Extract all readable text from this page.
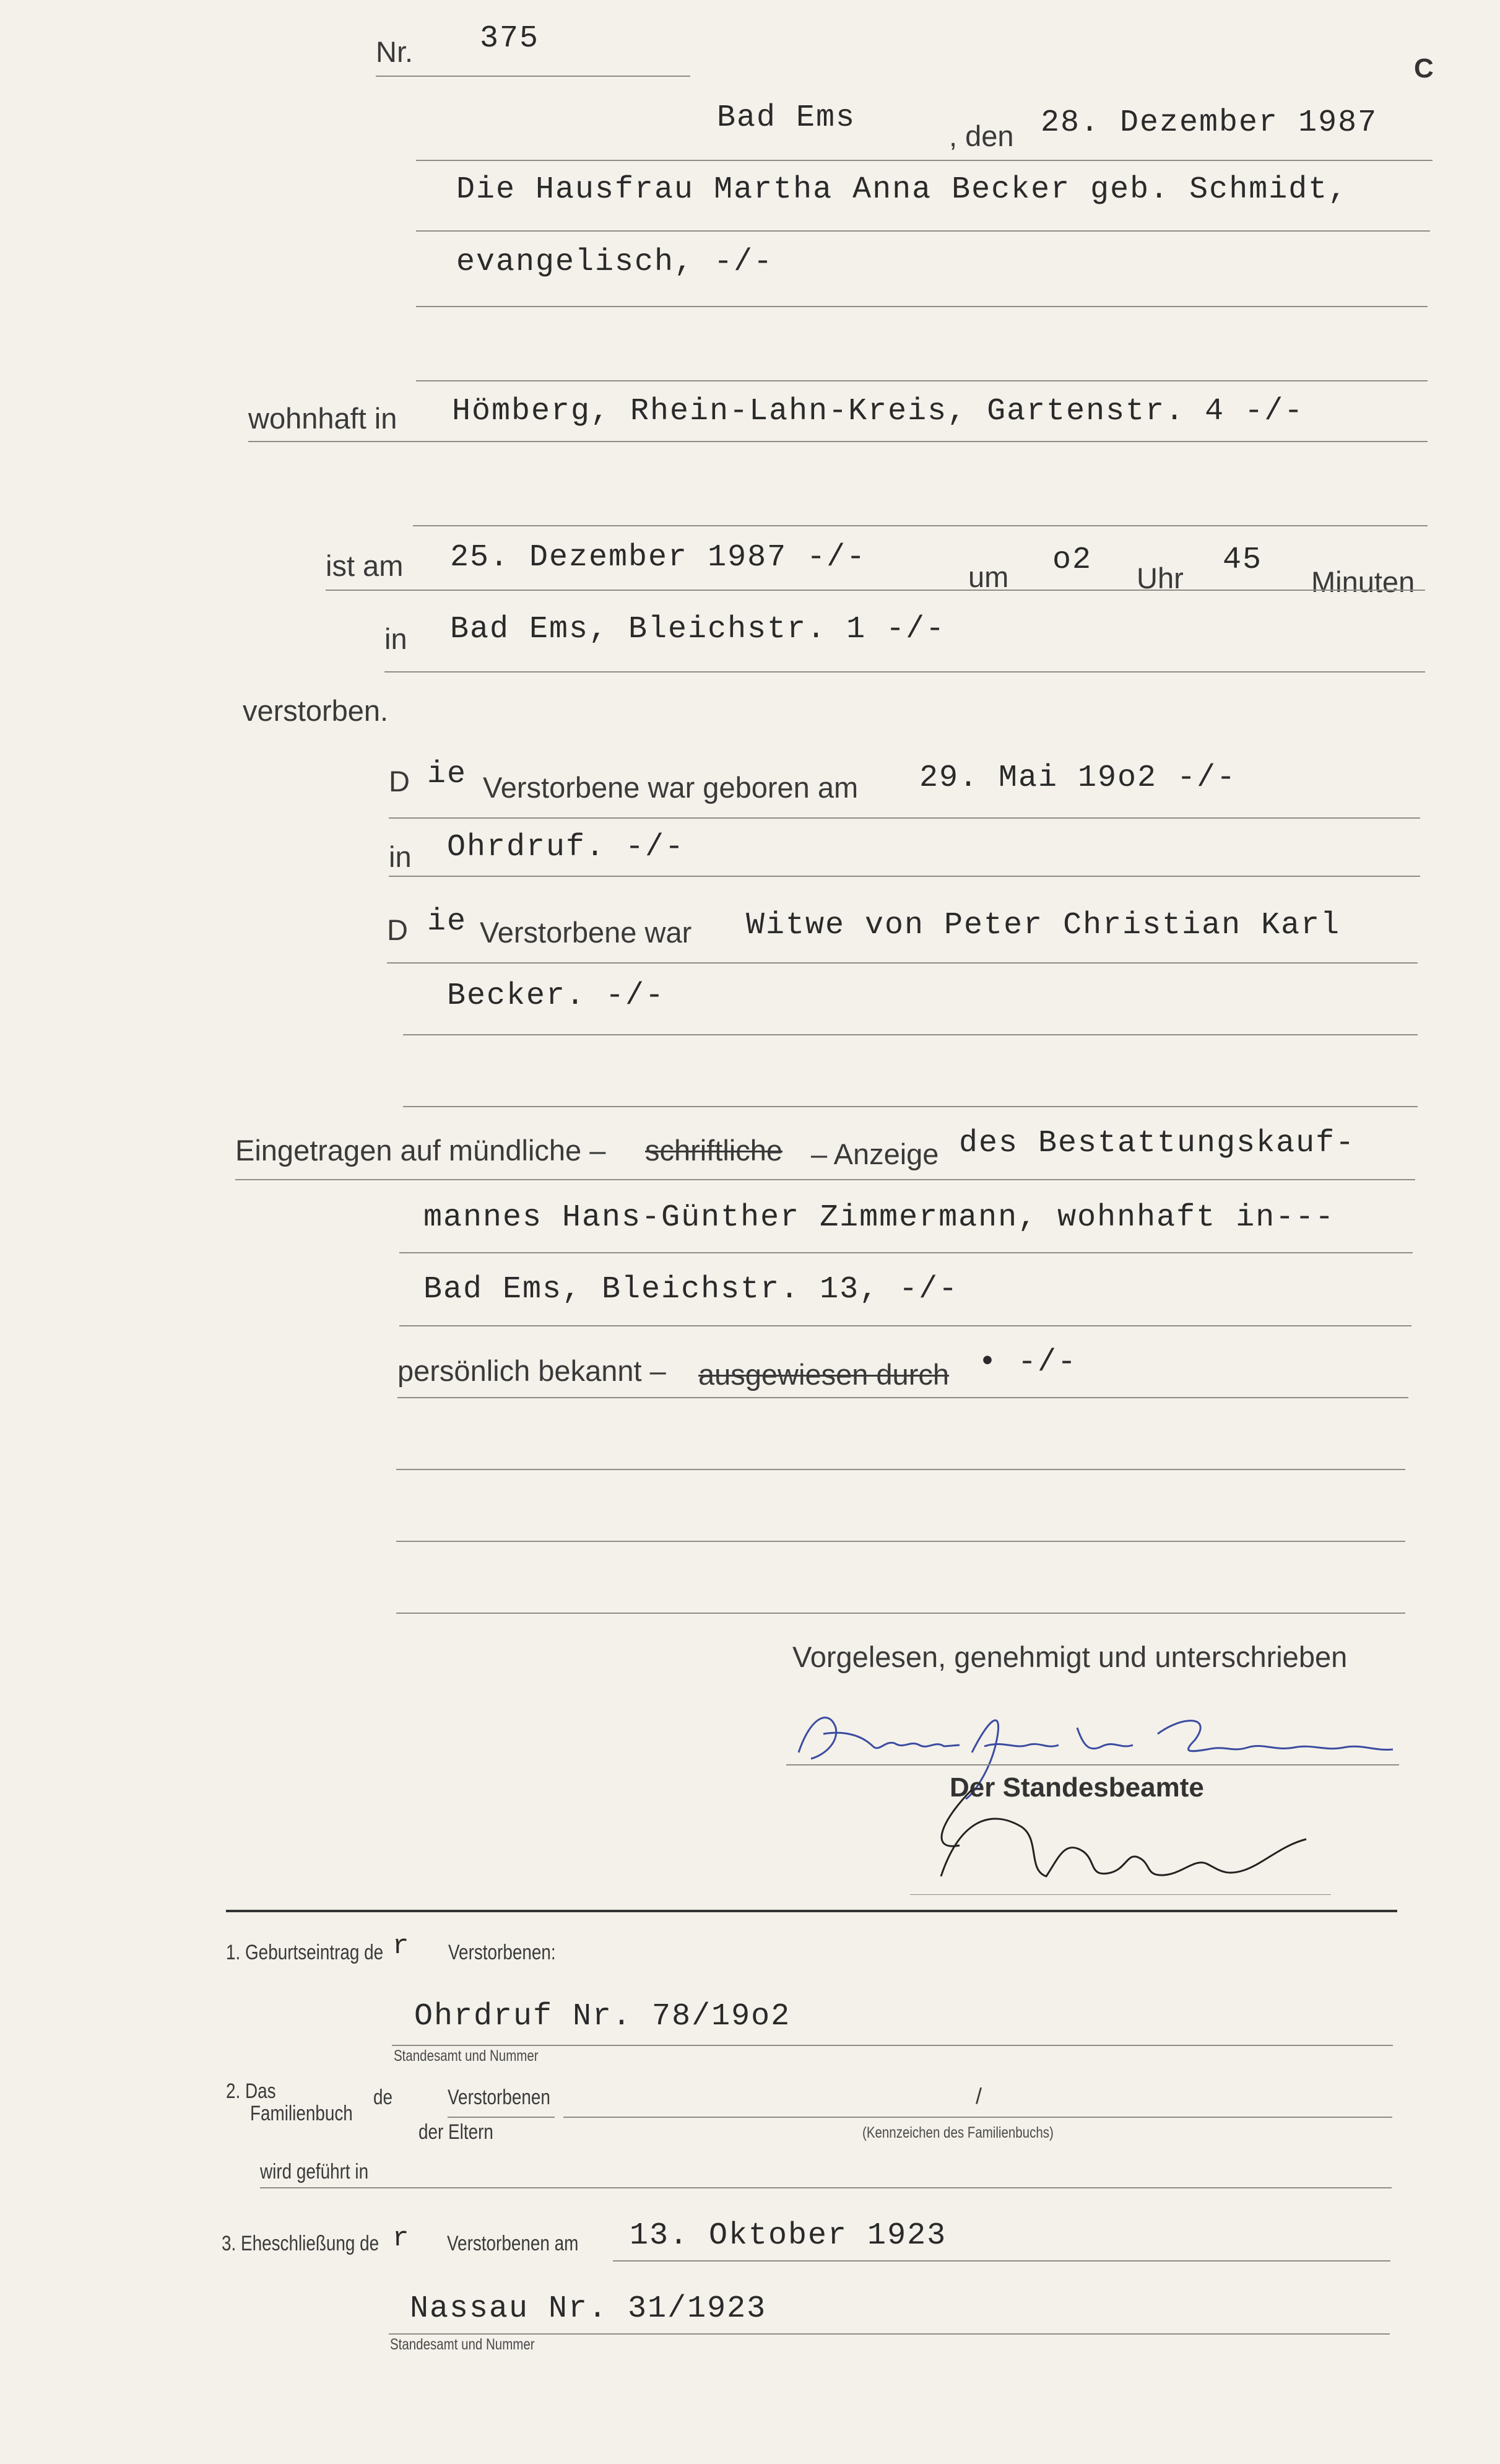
C
Nr. 375
Bad Ems
, den 28. Dezember 1987
Die Hausfrau Martha Anna Becker geb. Schmidt,
evangelisch, -/-
wohnhaft in Hömberg, Rhein-Lahn-Kreis, Gartenstr. 4 -/-
ist am 25. Dezember 1987 -/-
um o2
Uhr
45
Minuten
in Bad Ems, Bleichstr. 1 -/-
verstorben.
D ie Verstorbene war geboren am 29. Mai 19o2 -/-
in Ohrdruf. -/-
D ie Verstorbene war Witwe von Peter Christian Karl
Becker. -/-
Eingetragen auf mündliche – schriftliche – Anzeige des Bestattungskauf-
mannes Hans-Günther Zimmermann, wohnhaft in---
Bad Ems, Bleichstr. 13, -/-
persönlich bekannt – ausgewiesen durch • -/-
Vorgelesen, genehmigt und unterschrieben
Der Standesbeamte
1. Geburtseintrag de r Verstorbenen:
Ohrdruf Nr. 78/19o2
Standesamt und Nummer
2. Das
Familienbuch
de	Verstorbenen
der Eltern
/
(Kennzeichen des Familienbuchs)
wird geführt in
3. Eheschließung de r Verstorbenen am 13. Oktober 1923
Nassau Nr. 31/1923
Standesamt und Nummer
